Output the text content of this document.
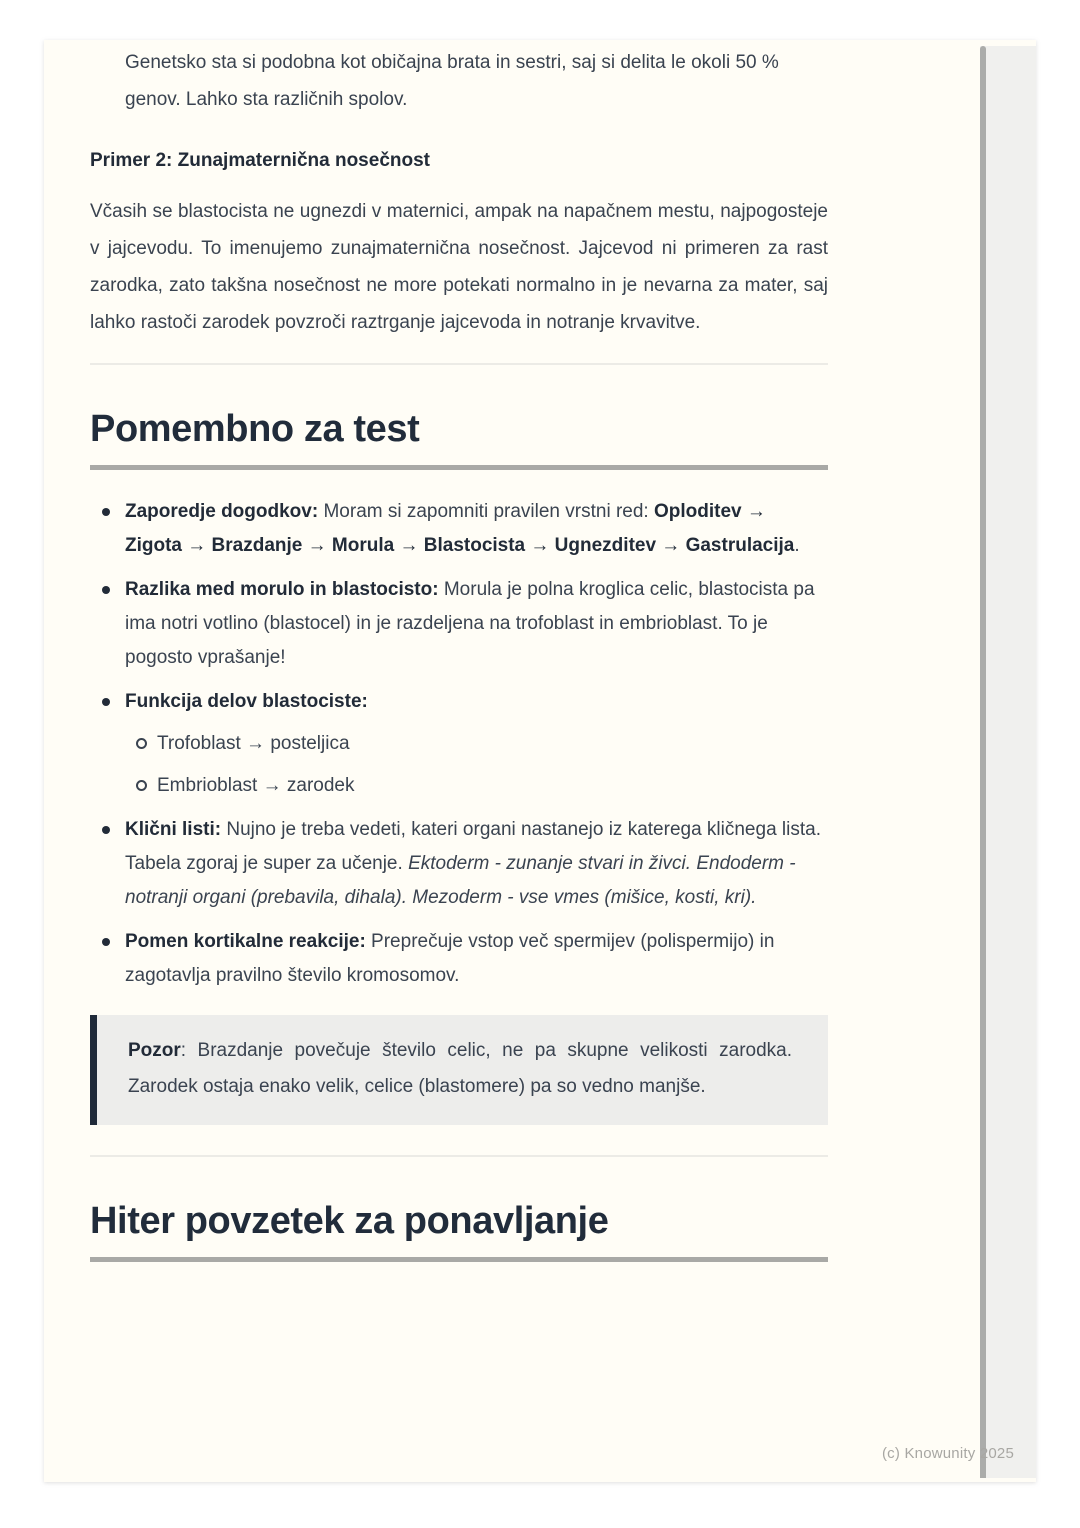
Genetsko sta si podobna kot običajna brata in sestri, saj si delita le okoli 50 % genov. Lahko sta različnih spolov.

Primer 2: Zunajmaternična nosečnost

Včasih se blastocista ne ugnezdi v maternici, ampak na napačnem mestu, najpogosteje v jajcevodu. To imenujemo zunajmaternična nosečnost. Jajcevod ni primeren za rast zarodka, zato takšna nosečnost ne more potekati normalno in je nevarna za mater, saj lahko rastoči zarodek povzroči raztrganje jajcevoda in notranje krvavitve.

Pomembno za test
Zaporedje dogodkov: Moram si zapomniti pravilen vrstni red: Oploditev → Zigota → Brazdanje → Morula → Blastocista → Ugnezditev → Gastrulacija.
Razlika med morulo in blastocisto: Morula je polna kroglica celic, blastocista pa ima notri votlino (blastocel) in je razdeljena na trofoblast in embrioblast. To je pogosto vprašanje!
Funkcija delov blastociste:
Trofoblast → posteljica
Embrioblast → zarodek
Klični listi: Nujno je treba vedeti, kateri organi nastanejo iz katerega kličnega lista. Tabela zgoraj je super za učenje. Ektoderm - zunanje stvari in živci. Endoderm - notranji organi (prebavila, dihala). Mezoderm - vse vmes (mišice, kosti, kri).
Pomen kortikalne reakcije: Preprečuje vstop več spermijev (polispermijo) in zagotavlja pravilno število kromosomov.
Pozor: Brazdanje povečuje število celic, ne pa skupne velikosti zarodka. Zarodek ostaja enako velik, celice (blastomere) pa so vedno manjše.
Hiter povzetek za ponavljanje
(c) Knowunity 2025
